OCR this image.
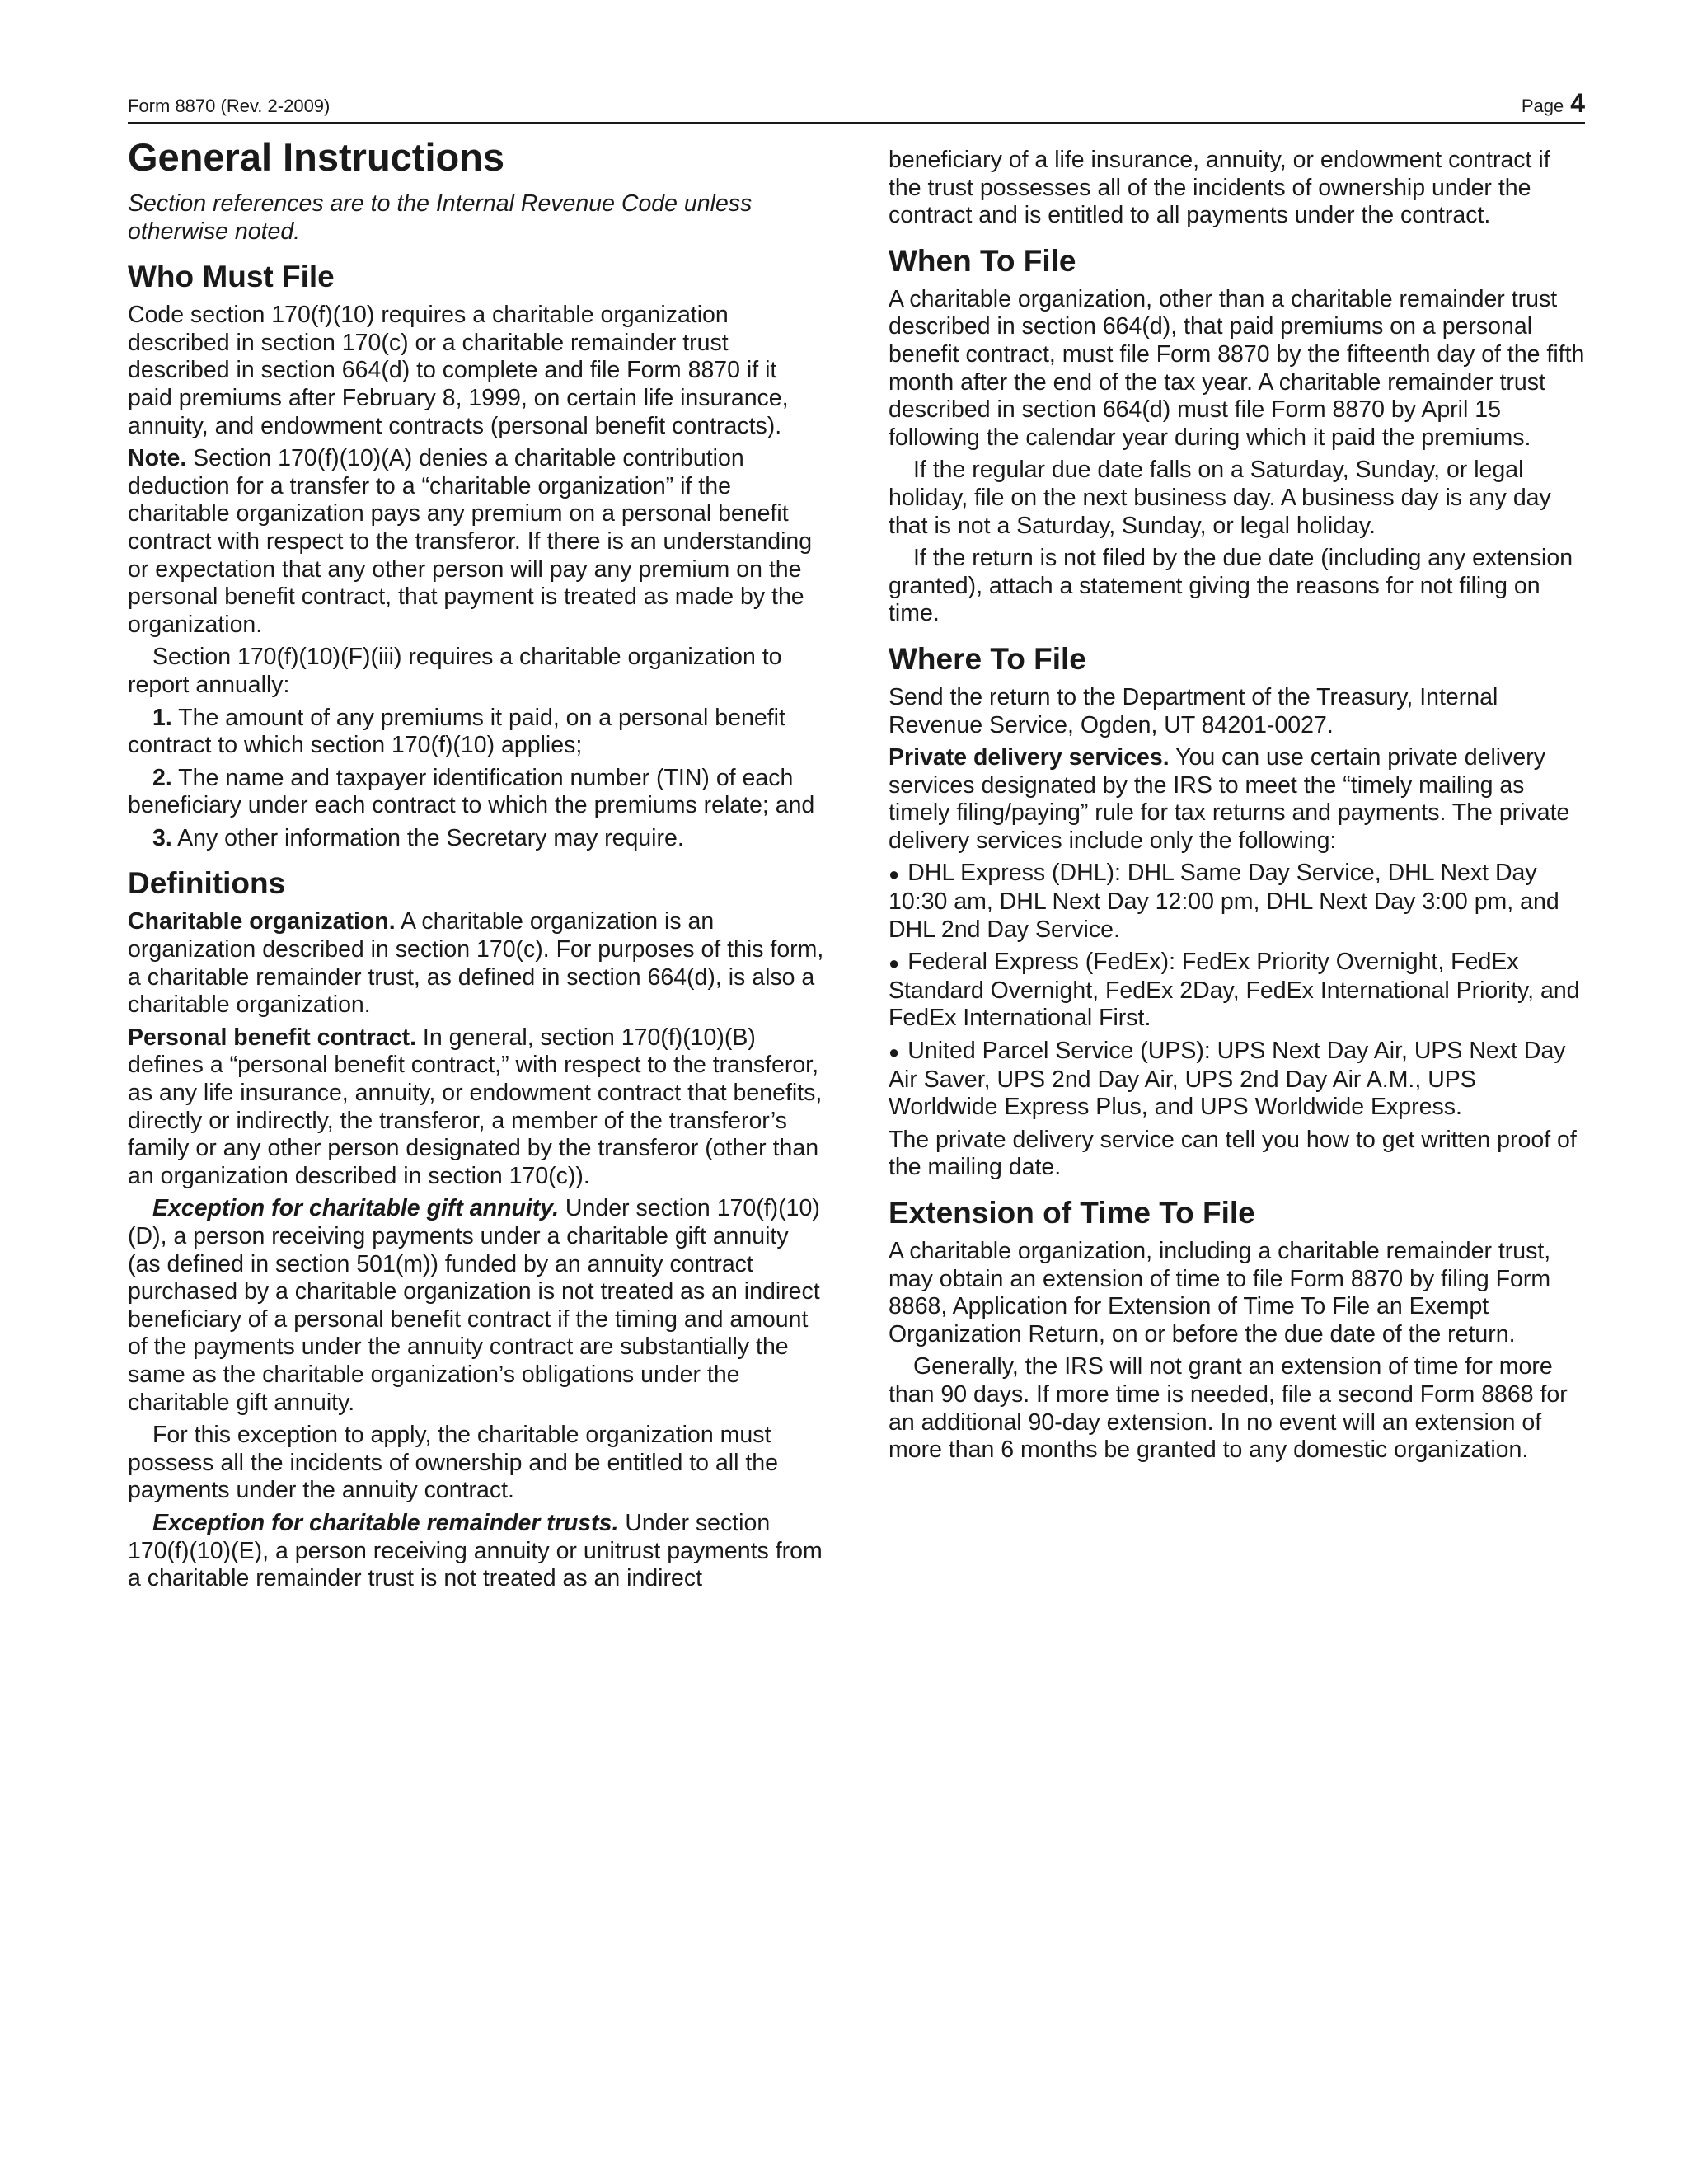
Form 8870 (Rev. 2-2009)	Page 4
General Instructions

Section references are to the Internal Revenue Code unless otherwise noted.

Who Must File

Code section 170(f)(10) requires a charitable organization described in section 170(c) or a charitable remainder trust described in section 664(d) to complete and file Form 8870 if it paid premiums after February 8, 1999, on certain life insurance, annuity, and endowment contracts (personal benefit contracts).

Note. Section 170(f)(10)(A) denies a charitable contribution deduction for a transfer to a “charitable organization” if the charitable organization pays any premium on a personal benefit contract with respect to the transferor. If there is an understanding or expectation that any other person will pay any premium on the personal benefit contract, that payment is treated as made by the organization.

Section 170(f)(10)(F)(iii) requires a charitable organization to report annually:

1. The amount of any premiums it paid, on a personal benefit contract to which section 170(f)(10) applies;

2. The name and taxpayer identification number (TIN) of each beneficiary under each contract to which the premiums relate; and

3. Any other information the Secretary may require.

Definitions

Charitable organization. A charitable organization is an organization described in section 170(c). For purposes of this form, a charitable remainder trust, as defined in section 664(d), is also a charitable organization.

Personal benefit contract. In general, section 170(f)(10)(B) defines a “personal benefit contract,” with respect to the transferor, as any life insurance, annuity, or endowment contract that benefits, directly or indirectly, the transferor, a member of the transferor’s family or any other person designated by the transferor (other than an organization described in section 170(c)).

Exception for charitable gift annuity. Under section 170(f)(10)(D), a person receiving payments under a charitable gift annuity (as defined in section 501(m)) funded by an annuity contract purchased by a charitable organization is not treated as an indirect beneficiary of a personal benefit contract if the timing and amount of the payments under the annuity contract are substantially the same as the charitable organization’s obligations under the charitable gift annuity.

For this exception to apply, the charitable organization must possess all the incidents of ownership and be entitled to all the payments under the annuity contract.

Exception for charitable remainder trusts. Under section 170(f)(10)(E), a person receiving annuity or unitrust payments from a charitable remainder trust is not treated as an indirect

beneficiary of a life insurance, annuity, or endowment contract if the trust possesses all of the incidents of ownership under the contract and is entitled to all payments under the contract.

When To File

A charitable organization, other than a charitable remainder trust described in section 664(d), that paid premiums on a personal benefit contract, must file Form 8870 by the fifteenth day of the fifth month after the end of the tax year. A charitable remainder trust described in section 664(d) must file Form 8870 by April 15 following the calendar year during which it paid the premiums.

If the regular due date falls on a Saturday, Sunday, or legal holiday, file on the next business day. A business day is any day that is not a Saturday, Sunday, or legal holiday.

If the return is not filed by the due date (including any extension granted), attach a statement giving the reasons for not filing on time.

Where To File

Send the return to the Department of the Treasury, Internal Revenue Service, Ogden, UT 84201-0027.

Private delivery services. You can use certain private delivery services designated by the IRS to meet the “timely mailing as timely filing/paying” rule for tax returns and payments. The private delivery services include only the following:

● DHL Express (DHL): DHL Same Day Service, DHL Next Day 10:30 am, DHL Next Day 12:00 pm, DHL Next Day 3:00 pm, and DHL 2nd Day Service.

● Federal Express (FedEx): FedEx Priority Overnight, FedEx Standard Overnight, FedEx 2Day, FedEx International Priority, and FedEx International First.

● United Parcel Service (UPS): UPS Next Day Air, UPS Next Day Air Saver, UPS 2nd Day Air, UPS 2nd Day Air A.M., UPS Worldwide Express Plus, and UPS Worldwide Express.

The private delivery service can tell you how to get written proof of the mailing date.

Extension of Time To File

A charitable organization, including a charitable remainder trust, may obtain an extension of time to file Form 8870 by filing Form 8868, Application for Extension of Time To File an Exempt Organization Return, on or before the due date of the return.

Generally, the IRS will not grant an extension of time for more than 90 days. If more time is needed, file a second Form 8868 for an additional 90-day extension. In no event will an extension of more than 6 months be granted to any domestic organization.
